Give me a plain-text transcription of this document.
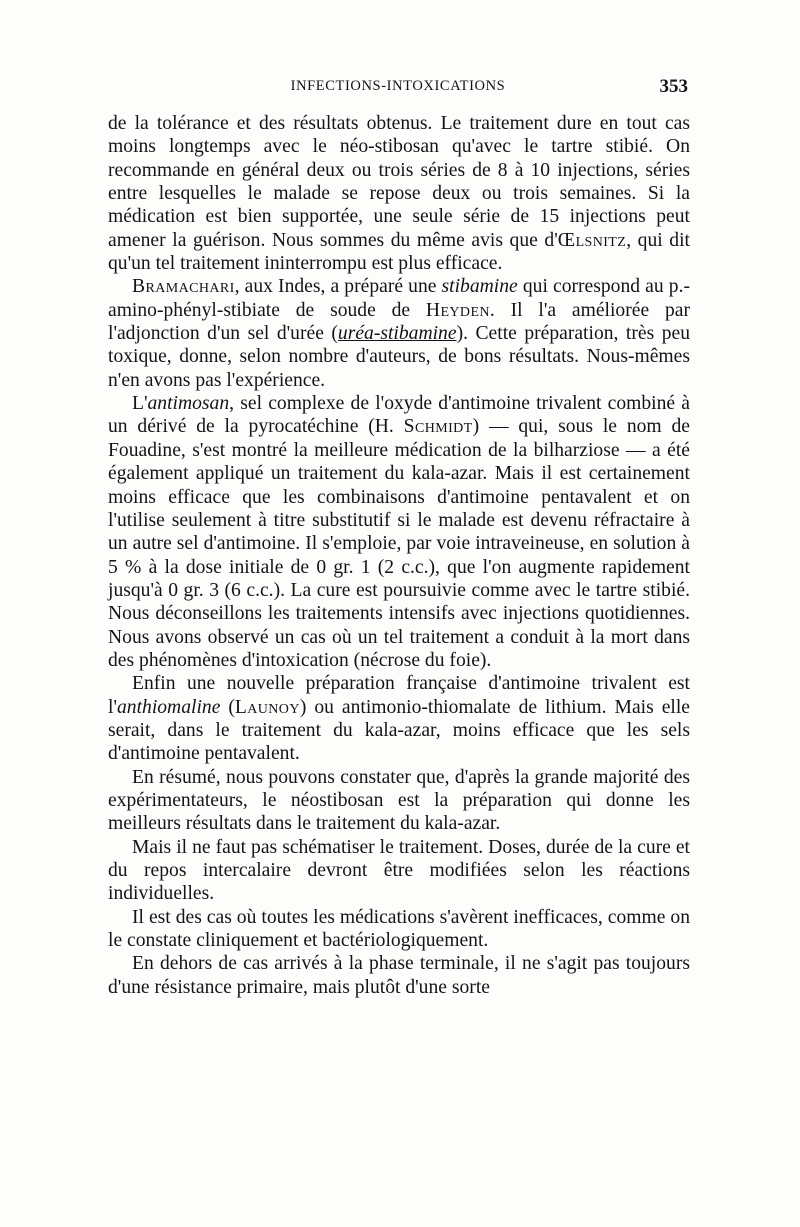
INFECTIONS-INTOXICATIONS	353

de la tolérance et des résultats obtenus. Le traitement dure en tout cas moins longtemps avec le néo-stibosan qu'avec le tartre stibié. On recommande en général deux ou trois séries de 8 à 10 injections, séries entre lesquelles le malade se repose deux ou trois semaines. Si la médication est bien supportée, une seule série de 15 injections peut amener la guérison. Nous sommes du même avis que d'Œlsnitz, qui dit qu'un tel traitement ininterrompu est plus efficace.

Bramachari, aux Indes, a préparé une stibamine qui correspond au p.-amino-phényl-stibiate de soude de Heyden. Il l'a améliorée par l'adjonction d'un sel d'urée (uréa-stibamine). Cette préparation, très peu toxique, donne, selon nombre d'auteurs, de bons résultats. Nous-mêmes n'en avons pas l'expérience.

L'antimosan, sel complexe de l'oxyde d'antimoine trivalent combiné à un dérivé de la pyrocatéchine (H. Schmidt) — qui, sous le nom de Fouadine, s'est montré la meilleure médication de la bilharziose — a été également appliqué un traitement du kala-azar. Mais il est certainement moins efficace que les combinaisons d'antimoine pentavalent et on l'utilise seulement à titre substitutif si le malade est devenu réfractaire à un autre sel d'antimoine. Il s'emploie, par voie intraveineuse, en solution à 5 % à la dose initiale de 0 gr. 1 (2 c.c.), que l'on augmente rapidement jusqu'à 0 gr. 3 (6 c.c.). La cure est poursuivie comme avec le tartre stibié. Nous déconseillons les traitements intensifs avec injections quotidiennes. Nous avons observé un cas où un tel traitement a conduit à la mort dans des phénomènes d'intoxication (nécrose du foie).

Enfin une nouvelle préparation française d'antimoine trivalent est l'anthiomaline (Launoy) ou antimonio-thiomalate de lithium. Mais elle serait, dans le traitement du kala-azar, moins efficace que les sels d'antimoine pentavalent.

En résumé, nous pouvons constater que, d'après la grande majorité des expérimentateurs, le néostibosan est la préparation qui donne les meilleurs résultats dans le traitement du kala-azar.

Mais il ne faut pas schématiser le traitement. Doses, durée de la cure et du repos intercalaire devront être modifiées selon les réactions individuelles.

Il est des cas où toutes les médications s'avèrent inefficaces, comme on le constate cliniquement et bactériologiquement.

En dehors de cas arrivés à la phase terminale, il ne s'agit pas toujours d'une résistance primaire, mais plutôt d'une sorte
